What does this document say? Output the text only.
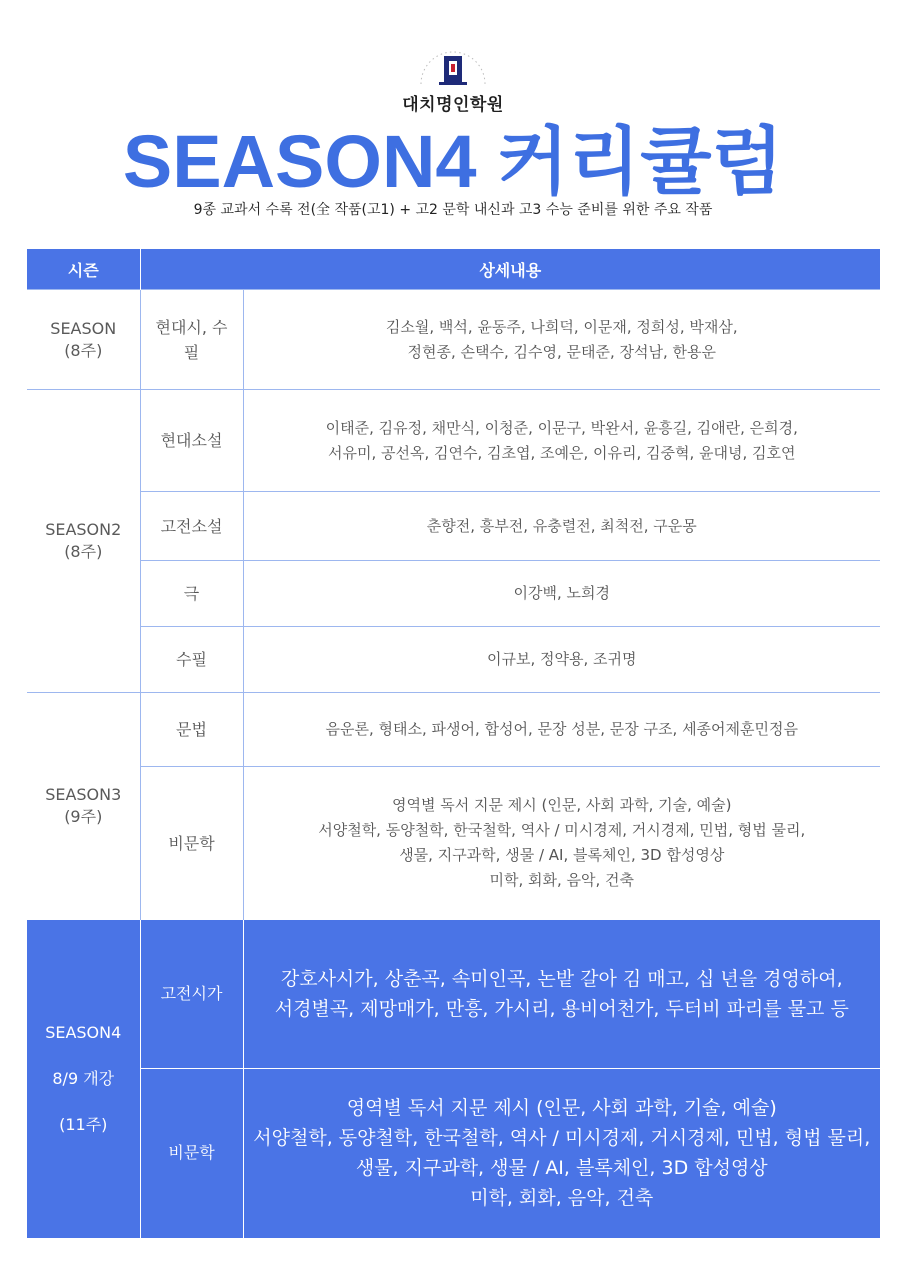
대치명인학원
SEASON4 커리큘럼
9종 교과서 수록 전(全 작품(고1) + 고2 문학 내신과 고3 수능 준비를 위한 주요 작품
시즌	상세내용	

SEASON
(8주)	현대시, 수필	김소월, 백석, 윤동주, 나희덕, 이문재, 정희성, 박재삼,
정현종, 손택수, 김수영, 문태준, 장석남, 한용운

SEASON2
(8주)	현대소설	이태준, 김유정, 채만식, 이청준, 이문구, 박완서, 윤흥길, 김애란, 은희경,
서유미, 공선옥, 김연수, 김초엽, 조예은, 이유리, 김중혁, 윤대녕, 김호연

	고전소설	춘향전, 흥부전, 유충렬전, 최척전, 구운몽

	극	이강백, 노희경

	수필	이규보, 정약용, 조귀명

SEASON3
(9주)	문법	음운론, 형태소, 파생어, 합성어, 문장 성분, 문장 구조, 세종어제훈민정음

	비문학	영역별 독서 지문 제시 (인문, 사회 과학, 기술, 예술)
서양철학, 동양철학, 한국철학, 역사 / 미시경제, 거시경제, 민법, 형법 물리,
생물, 지구과학, 생물 / AI, 블록체인, 3D 합성영상
미학, 회화, 음악, 건축

SEASON4
8/9 개강
(11주)	고전시가	강호사시가, 상춘곡, 속미인곡, 논밭 갈아 김 매고, 십 년을 경영하여,
서경별곡, 제망매가, 만흥, 가시리, 용비어천가, 두터비 파리를 물고 등

	비문학	영역별 독서 지문 제시 (인문, 사회 과학, 기술, 예술)
서양철학, 동양철학, 한국철학, 역사 / 미시경제, 거시경제, 민법, 형법 물리,
생물, 지구과학, 생물 / AI, 블록체인, 3D 합성영상
미학, 회화, 음악, 건축
